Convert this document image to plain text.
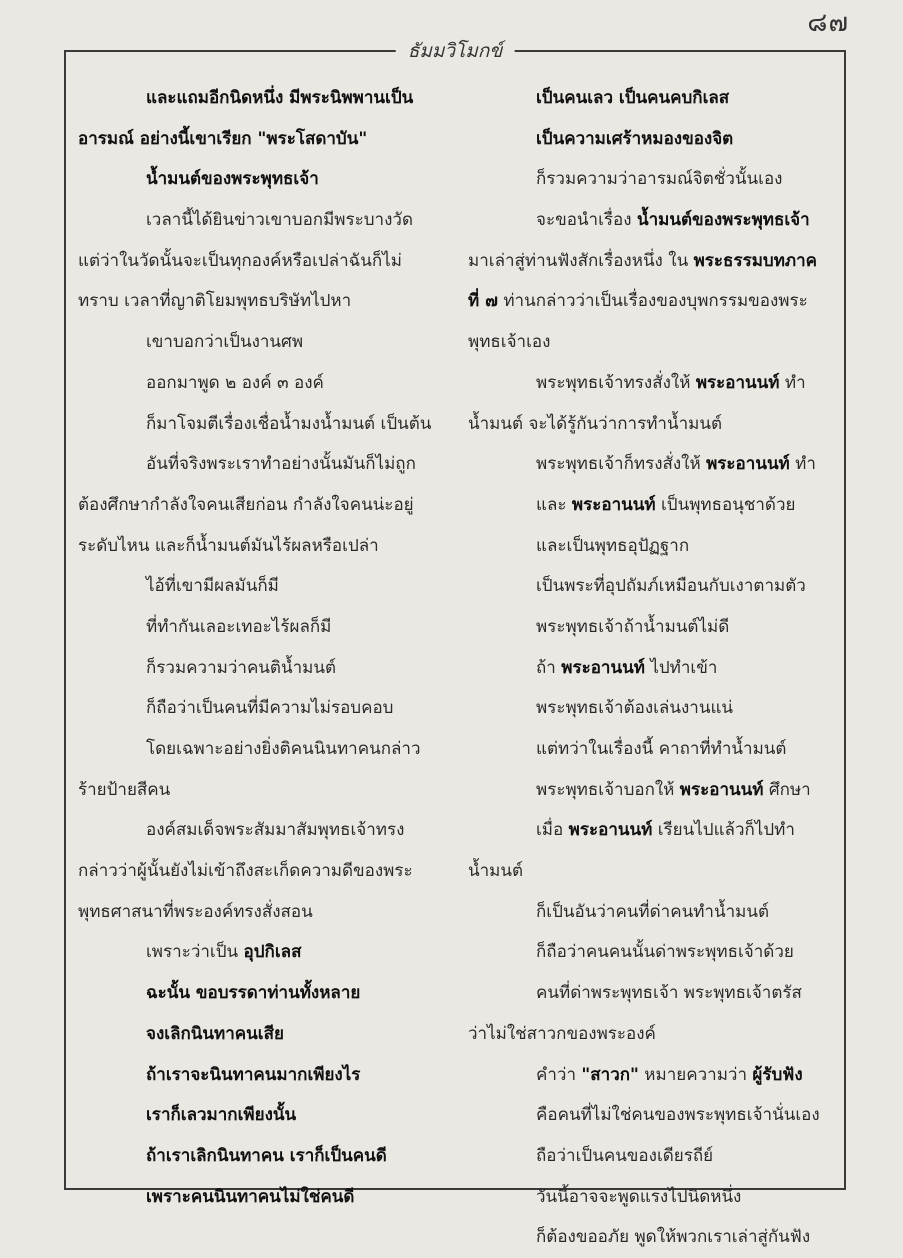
๘๗
ธัมมวิโมกข์
และแถมอีกนิดหนึ่ง มีพระนิพพานเป็น
อารมณ์ อย่างนี้เขาเรียก "พระโสดาบัน"
น้ำมนต์ของพระพุทธเจ้า
เวลานี้ได้ยินข่าวเขาบอกมีพระบางวัด
แต่ว่าในวัดนั้นจะเป็นทุกองค์หรือเปล่าฉันก็ไม่
ทราบ เวลาที่ญาติโยมพุทธบริษัทไปหา
เขาบอกว่าเป็นงานศพ
ออกมาพูด ๒ องค์ ๓ องค์
ก็มาโจมตีเรื่องเชื่อน้ำมงน้ำมนต์ เป็นต้น
อันที่จริงพระเราทำอย่างนั้นมันก็ไม่ถูก
ต้องศึกษากำลังใจคนเสียก่อน กำลังใจคนน่ะอยู่
ระดับไหน และก็น้ำมนต์มันไร้ผลหรือเปล่า
ไอ้ที่เขามีผลมันก็มี
ที่ทำกันเลอะเทอะไร้ผลก็มี
ก็รวมความว่าคนติน้ำมนต์
ก็ถือว่าเป็นคนที่มีความไม่รอบคอบ
โดยเฉพาะอย่างยิ่งติคนนินทาคนกล่าว
ร้ายป้ายสีคน
องค์สมเด็จพระสัมมาสัมพุทธเจ้าทรง
กล่าวว่าผู้นั้นยังไม่เข้าถึงสะเก็ดความดีของพระ
พุทธศาสนาที่พระองค์ทรงสั่งสอน
เพราะว่าเป็น อุปกิเลส
ฉะนั้น ขอบรรดาท่านทั้งหลาย
จงเลิกนินทาคนเสีย
ถ้าเราจะนินทาคนมากเพียงไร
เราก็เลวมากเพียงนั้น
ถ้าเราเลิกนินทาคน เราก็เป็นคนดี
เพราะคนนินทาคนไม่ใช่คนดี
เป็นคนเลว เป็นคนคบกิเลส
เป็นความเศร้าหมองของจิต
ก็รวมความว่าอารมณ์จิตชั่วนั้นเอง
จะขอนำเรื่อง น้ำมนต์ของพระพุทธเจ้า
มาเล่าสู่ท่านฟังสักเรื่องหนึ่ง ใน พระธรรมบทภาค
ที่ ๗ ท่านกล่าวว่าเป็นเรื่องของบุพกรรมของพระ
พุทธเจ้าเอง
พระพุทธเจ้าทรงสั่งให้ พระอานนท์ ทำ
น้ำมนต์ จะได้รู้กันว่าการทำน้ำมนต์
พระพุทธเจ้าก็ทรงสั่งให้ พระอานนท์ ทำ
และ พระอานนท์ เป็นพุทธอนุชาด้วย
และเป็นพุทธอุปัฏฐาก
เป็นพระที่อุปถัมภ์เหมือนกับเงาตามตัว
พระพุทธเจ้าถ้าน้ำมนต์ไม่ดี
ถ้า พระอานนท์ ไปทำเข้า
พระพุทธเจ้าต้องเล่นงานแน่
แต่ทว่าในเรื่องนี้ คาถาที่ทำน้ำมนต์
พระพุทธเจ้าบอกให้ พระอานนท์ ศึกษา
เมื่อ พระอานนท์ เรียนไปแล้วก็ไปทำ
น้ำมนต์
ก็เป็นอันว่าคนที่ด่าคนทำน้ำมนต์
ก็ถือว่าคนคนนั้นด่าพระพุทธเจ้าด้วย
คนที่ด่าพระพุทธเจ้า พระพุทธเจ้าตรัส
ว่าไม่ใช่สาวกของพระองค์
คำว่า "สาวก" หมายความว่า ผู้รับฟัง
คือคนที่ไม่ใช่คนของพระพุทธเจ้านั่นเอง
ถือว่าเป็นคนของเดียรถีย์
วันนี้อาจจะพูดแรงไปนิดหนึ่ง
ก็ต้องขออภัย พูดให้พวกเราเล่าสู่กันฟัง
